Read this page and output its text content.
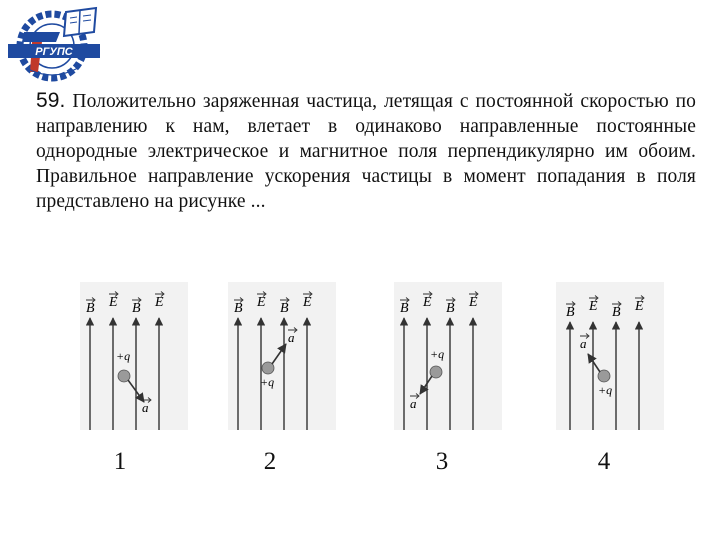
РГУПС

59. Положительно заряженная частица, летящая с постоянной скоростью по направлению к нам, влетает в одинаково направленные постоянные однородные электрическое и магнитное поля перпендикулярно им обоим. Правильное направление ускорения частицы в момент попадания в поля представлено на рисунке ...

B E B E
+q
a
1
B E B E
a
+q
2
B E B E
+q
a
3
B E B E
a
+q
4
